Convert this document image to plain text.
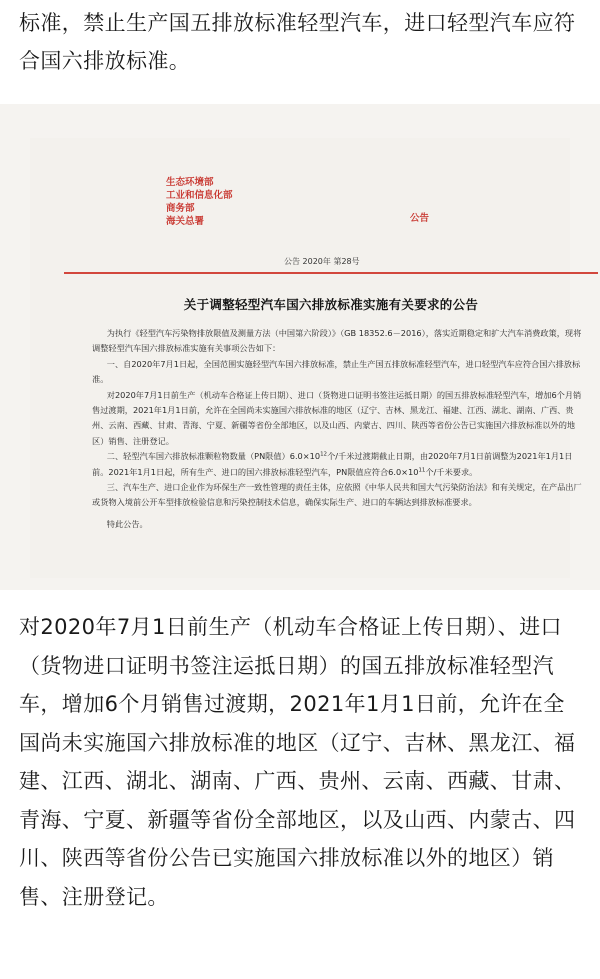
标准，禁止生产国五排放标准轻型汽车，进口轻型汽车应符合国六排放标准。

生态环境部
工业和信息化部
商务部
海关总署	公告
公告 2020年 第28号
关于调整轻型汽车国六排放标准实施有关要求的公告

为执行《轻型汽车污染物排放限值及测量方法（中国第六阶段）》（GB 18352.6－2016），落实近期稳定和扩大汽车消费政策，现将调整轻型汽车国六排放标准实施有关事项公告如下：

一、自2020年7月1日起，全国范围实施轻型汽车国六排放标准，禁止生产国五排放标准轻型汽车，进口轻型汽车应符合国六排放标准。

对2020年7月1日前生产（机动车合格证上传日期）、进口（货物进口证明书签注运抵日期）的国五排放标准轻型汽车，增加6个月销售过渡期，2021年1月1日前，允许在全国尚未实施国六排放标准的地区（辽宁、吉林、黑龙江、福建、江西、湖北、湖南、广西、贵州、云南、西藏、甘肃、青海、宁夏、新疆等省份全部地区，以及山西、内蒙古、四川、陕西等省份公告已实施国六排放标准以外的地区）销售、注册登记。

二、轻型汽车国六排放标准颗粒物数量（PN限值）$6.0\times 10^{12}$个/千米过渡期截止日期，由2020年7月1日前调整为2021年1月1日前。2021年1月1日起，所有生产、进口的国六排放标准轻型汽车，PN限值应符合$6.0\times 10^{11}$个/千米要求。

三、汽车生产、进口企业作为环保生产一致性管理的责任主体，应依照《中华人民共和国大气污染防治法》和有关规定，在产品出厂或货物入境前公开车型排放检验信息和污染控制技术信息，确保实际生产、进口的车辆达到排放标准要求。

特此公告。

对2020年7月1日前生产（机动车合格证上传日期）、进口（货物进口证明书签注运抵日期）的国五排放标准轻型汽车，增加6个月销售过渡期，2021年1月1日前，允许在全国尚未实施国六排放标准的地区（辽宁、吉林、黑龙江、福建、江西、湖北、湖南、广西、贵州、云南、西藏、甘肃、青海、宁夏、新疆等省份全部地区，以及山西、内蒙古、四川、陕西等省份公告已实施国六排放标准以外的地区）销售、注册登记。
